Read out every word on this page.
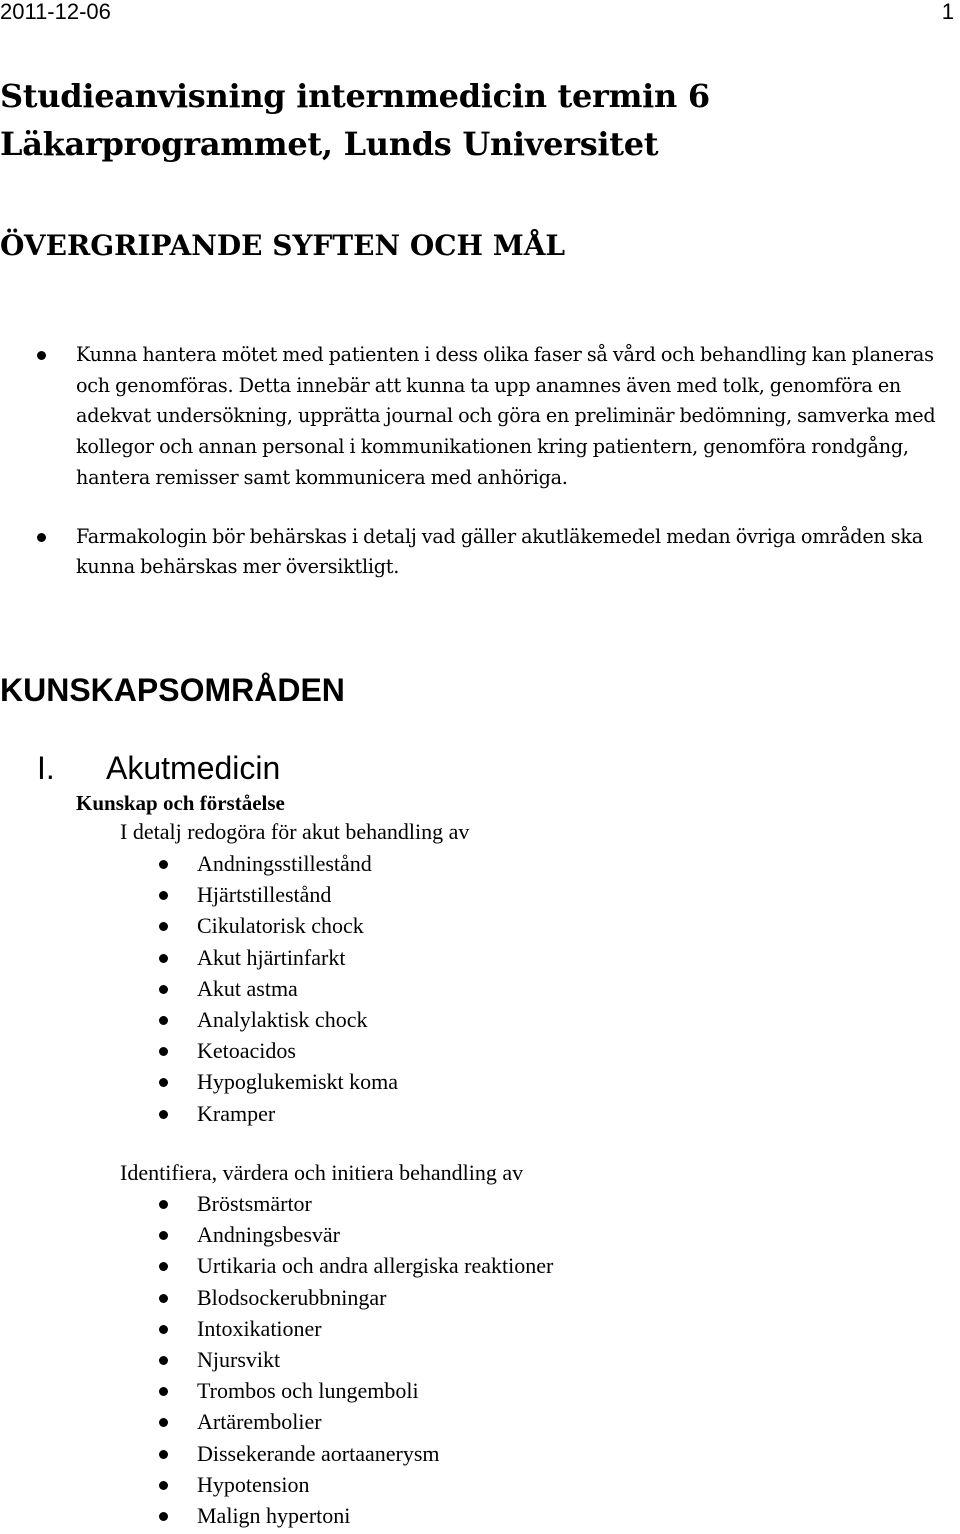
2011-12-06	1
Studieanvisning internmedicin termin 6
Läkarprogrammet, Lunds Universitet
ÖVERGRIPANDE SYFTEN OCH MÅL
Kunna hantera mötet med patienten i dess olika faser så vård och behandling kan planeras och genomföras. Detta innebär att kunna ta upp anamnes även med tolk, genomföra en adekvat undersökning, upprätta journal och göra en preliminär bedömning, samverka med kollegor och annan personal i kommunikationen kring patientern, genomföra rondgång, hantera remisser samt kommunicera med anhöriga.
Farmakologin bör behärskas i detalj vad gäller akutläkemedel medan övriga områden ska kunna behärskas mer översiktligt.
KUNSKAPSOMRÅDEN
I. Akutmedicin
Kunskap och förståelse
I detalj redogöra för akut behandling av
Andningsstillestånd
Hjärtstillestånd
Cikulatorisk chock
Akut hjärtinfarkt
Akut astma
Analylaktisk chock
Ketoacidos
Hypoglukemiskt koma
Kramper
Identifiera, värdera och initiera behandling av
Bröstsmärtor
Andningsbesvär
Urtikaria och andra allergiska reaktioner
Blodsockerubbningar
Intoxikationer
Njursvikt
Trombos och lungemboli
Artärembolier
Dissekerande aortaanerysm
Hypotension
Malign hypertoni
